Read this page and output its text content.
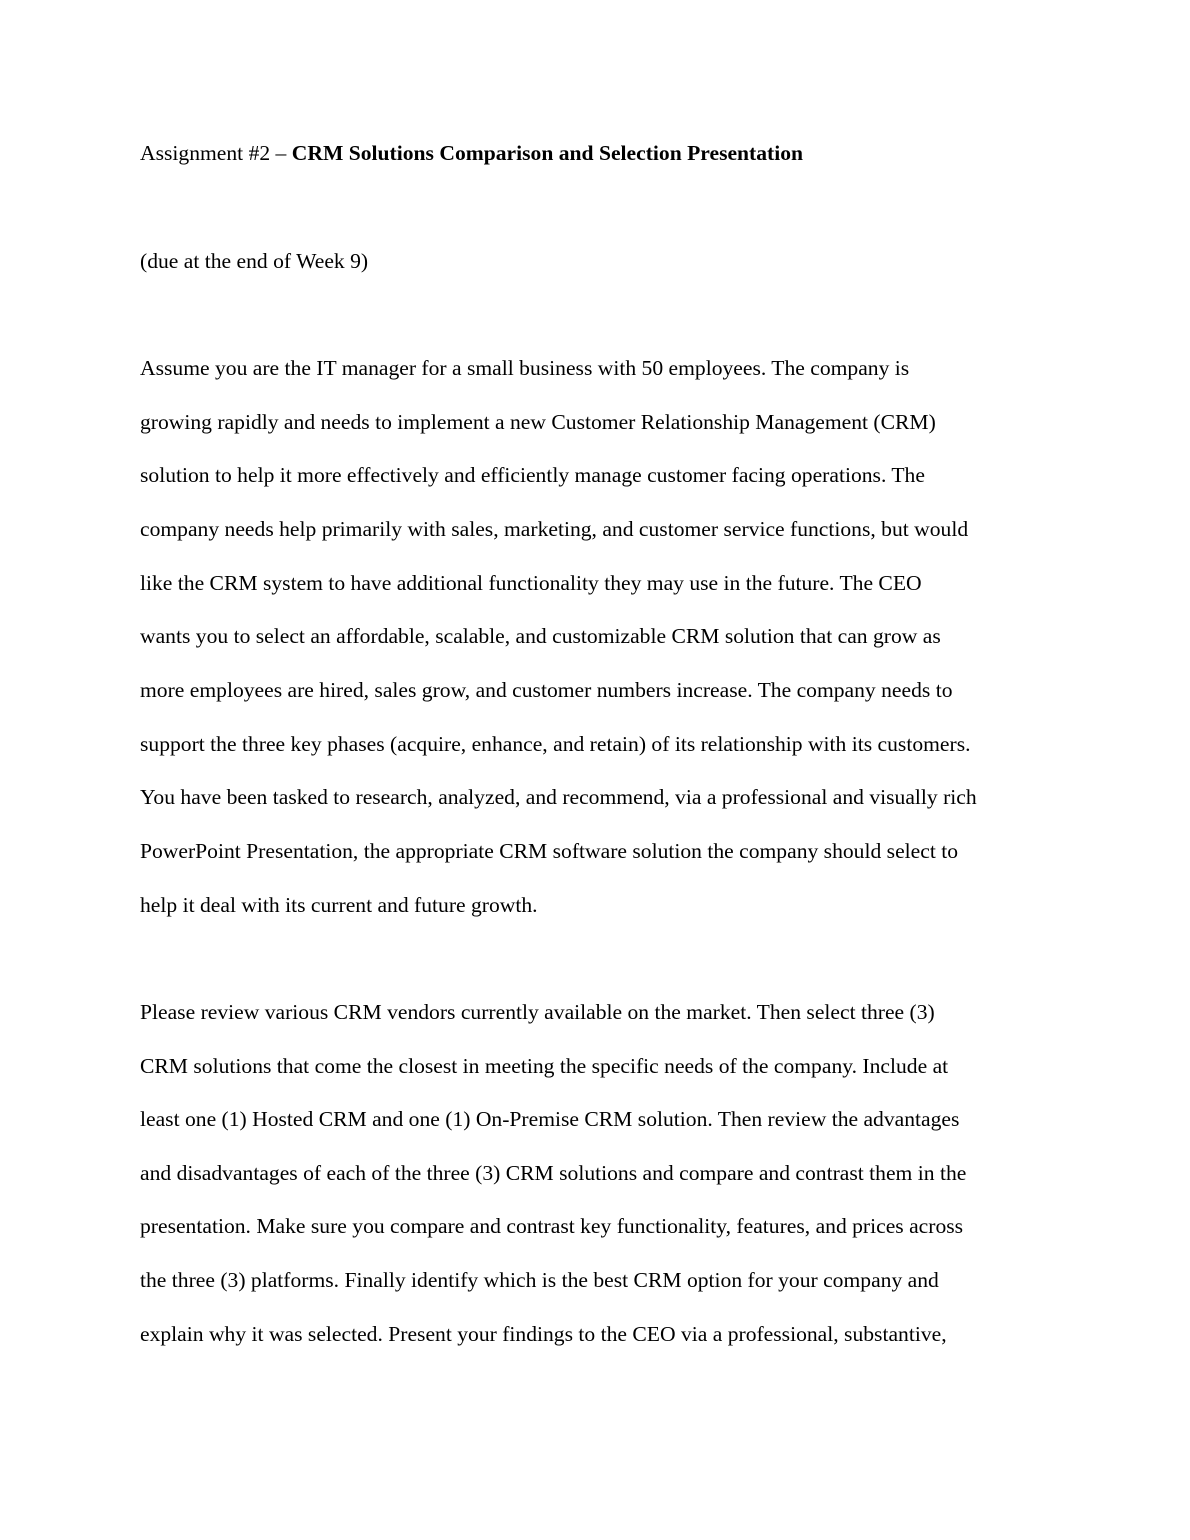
Assignment #2 – CRM Solutions Comparison and Selection Presentation
(due at the end of Week 9)
Assume you are the IT manager for a small business with 50 employees. The company is
growing rapidly and needs to implement a new Customer Relationship Management (CRM)
solution to help it more effectively and efficiently manage customer facing operations. The
company needs help primarily with sales, marketing, and customer service functions, but would
like the CRM system to have additional functionality they may use in the future. The CEO
wants you to select an affordable, scalable, and customizable CRM solution that can grow as
more employees are hired, sales grow, and customer numbers increase. The company needs to
support the three key phases (acquire, enhance, and retain) of its relationship with its customers.
You have been tasked to research, analyzed, and recommend, via a professional and visually rich
PowerPoint Presentation, the appropriate CRM software solution the company should select to
help it deal with its current and future growth.
Please review various CRM vendors currently available on the market. Then select three (3)
CRM solutions that come the closest in meeting the specific needs of the company. Include at
least one (1) Hosted CRM and one (1) On-Premise CRM solution. Then review the advantages
and disadvantages of each of the three (3) CRM solutions and compare and contrast them in the
presentation. Make sure you compare and contrast key functionality, features, and prices across
the three (3) platforms. Finally identify which is the best CRM option for your company and
explain why it was selected. Present your findings to the CEO via a professional, substantive,
